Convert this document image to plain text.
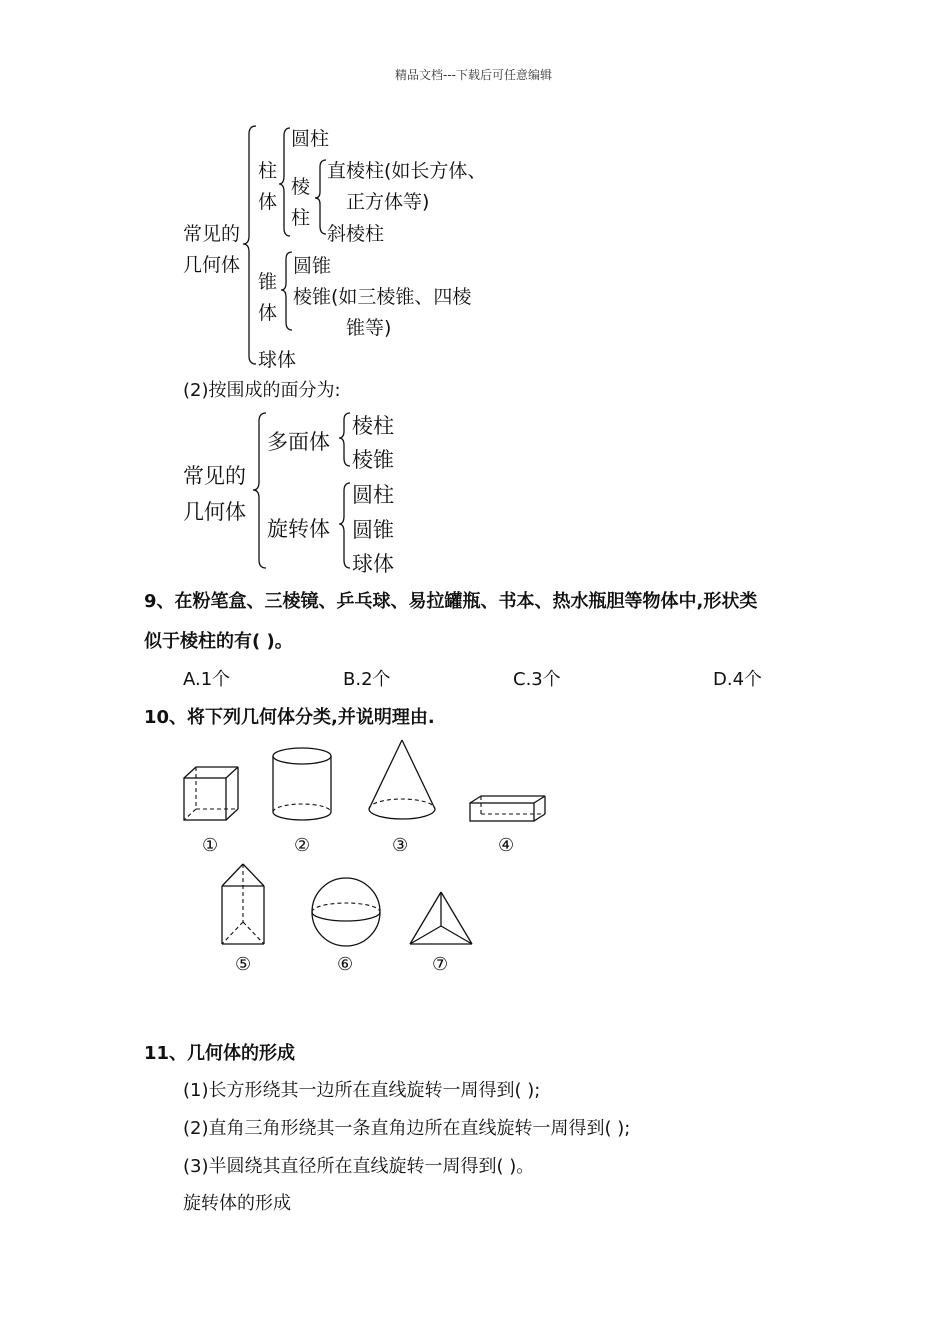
精品文档---下载后可任意编辑
常见的
几何体
柱
体
圆柱
棱
柱
直棱柱(如长方体、
正方体等)
斜棱柱
锥
体
圆锥
棱锥(如三棱锥、四棱
锥等)
球体
(2)按围成的面分为:
常见的
几何体
多面体
棱柱
棱锥
旋转体
圆柱
圆锥
球体
9、在粉笔盒、三棱镜、乒乓球、易拉罐瓶、书本、热水瓶胆等物体中,形状类
似于棱柱的有( )。
A.1个	B.2个	C.3个	D.4个
10、将下列几何体分类,并说明理由.
①	②	③	④
⑤	⑥	⑦
11、几何体的形成
(1)长方形绕其一边所在直线旋转一周得到( );
(2)直角三角形绕其一条直角边所在直线旋转一周得到( );
(3)半圆绕其直径所在直线旋转一周得到( )。
旋转体的形成
